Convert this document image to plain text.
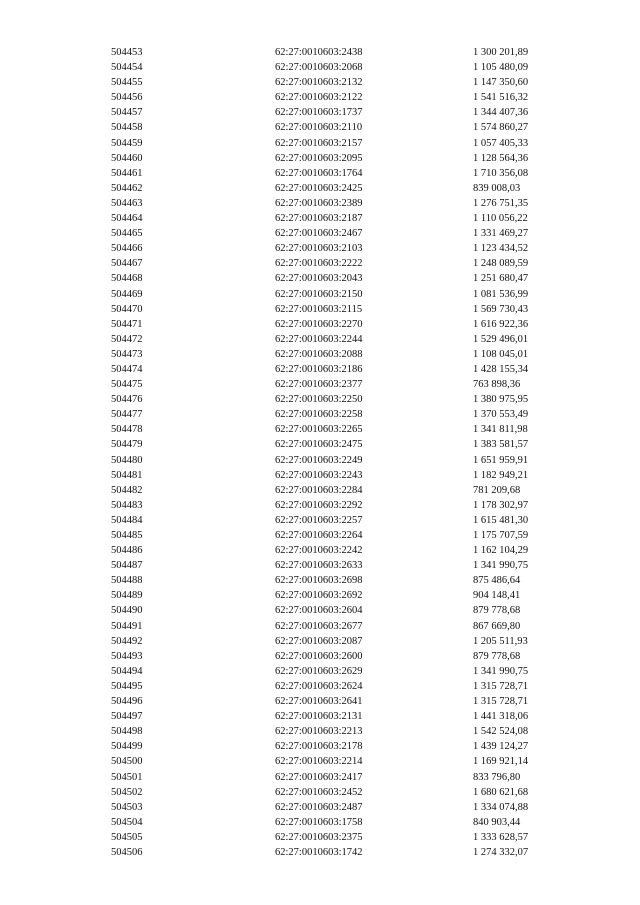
504453	62:27:0010603:2438	1 300 201,89
504454	62:27:0010603:2068	1 105 480,09
504455	62:27:0010603:2132	1 147 350,60
504456	62:27:0010603:2122	1 541 516,32
504457	62:27:0010603:1737	1 344 407,36
504458	62:27:0010603:2110	1 574 860,27
504459	62:27:0010603:2157	1 057 405,33
504460	62:27:0010603:2095	1 128 564,36
504461	62:27:0010603:1764	1 710 356,08
504462	62:27:0010603:2425	839 008,03
504463	62:27:0010603:2389	1 276 751,35
504464	62:27:0010603:2187	1 110 056,22
504465	62:27:0010603:2467	1 331 469,27
504466	62:27:0010603:2103	1 123 434,52
504467	62:27:0010603:2222	1 248 089,59
504468	62:27:0010603:2043	1 251 680,47
504469	62:27:0010603:2150	1 081 536,99
504470	62:27:0010603:2115	1 569 730,43
504471	62:27:0010603:2270	1 616 922,36
504472	62:27:0010603:2244	1 529 496,01
504473	62:27:0010603:2088	1 108 045,01
504474	62:27:0010603:2186	1 428 155,34
504475	62:27:0010603:2377	763 898,36
504476	62:27:0010603:2250	1 380 975,95
504477	62:27:0010603:2258	1 370 553,49
504478	62:27:0010603:2265	1 341 811,98
504479	62:27:0010603:2475	1 383 581,57
504480	62:27:0010603:2249	1 651 959,91
504481	62:27:0010603:2243	1 182 949,21
504482	62:27:0010603:2284	781 209,68
504483	62:27:0010603:2292	1 178 302,97
504484	62:27:0010603:2257	1 615 481,30
504485	62:27:0010603:2264	1 175 707,59
504486	62:27:0010603:2242	1 162 104,29
504487	62:27:0010603:2633	1 341 990,75
504488	62:27:0010603:2698	875 486,64
504489	62:27:0010603:2692	904 148,41
504490	62:27:0010603:2604	879 778,68
504491	62:27:0010603:2677	867 669,80
504492	62:27:0010603:2087	1 205 511,93
504493	62:27:0010603:2600	879 778,68
504494	62:27:0010603:2629	1 341 990,75
504495	62:27:0010603:2624	1 315 728,71
504496	62:27:0010603:2641	1 315 728,71
504497	62:27:0010603:2131	1 441 318,06
504498	62:27:0010603:2213	1 542 524,08
504499	62:27:0010603:2178	1 439 124,27
504500	62:27:0010603:2214	1 169 921,14
504501	62:27:0010603:2417	833 796,80
504502	62:27:0010603:2452	1 680 621,68
504503	62:27:0010603:2487	1 334 074,88
504504	62:27:0010603:1758	840 903,44
504505	62:27:0010603:2375	1 333 628,57
504506	62:27:0010603:1742	1 274 332,07
